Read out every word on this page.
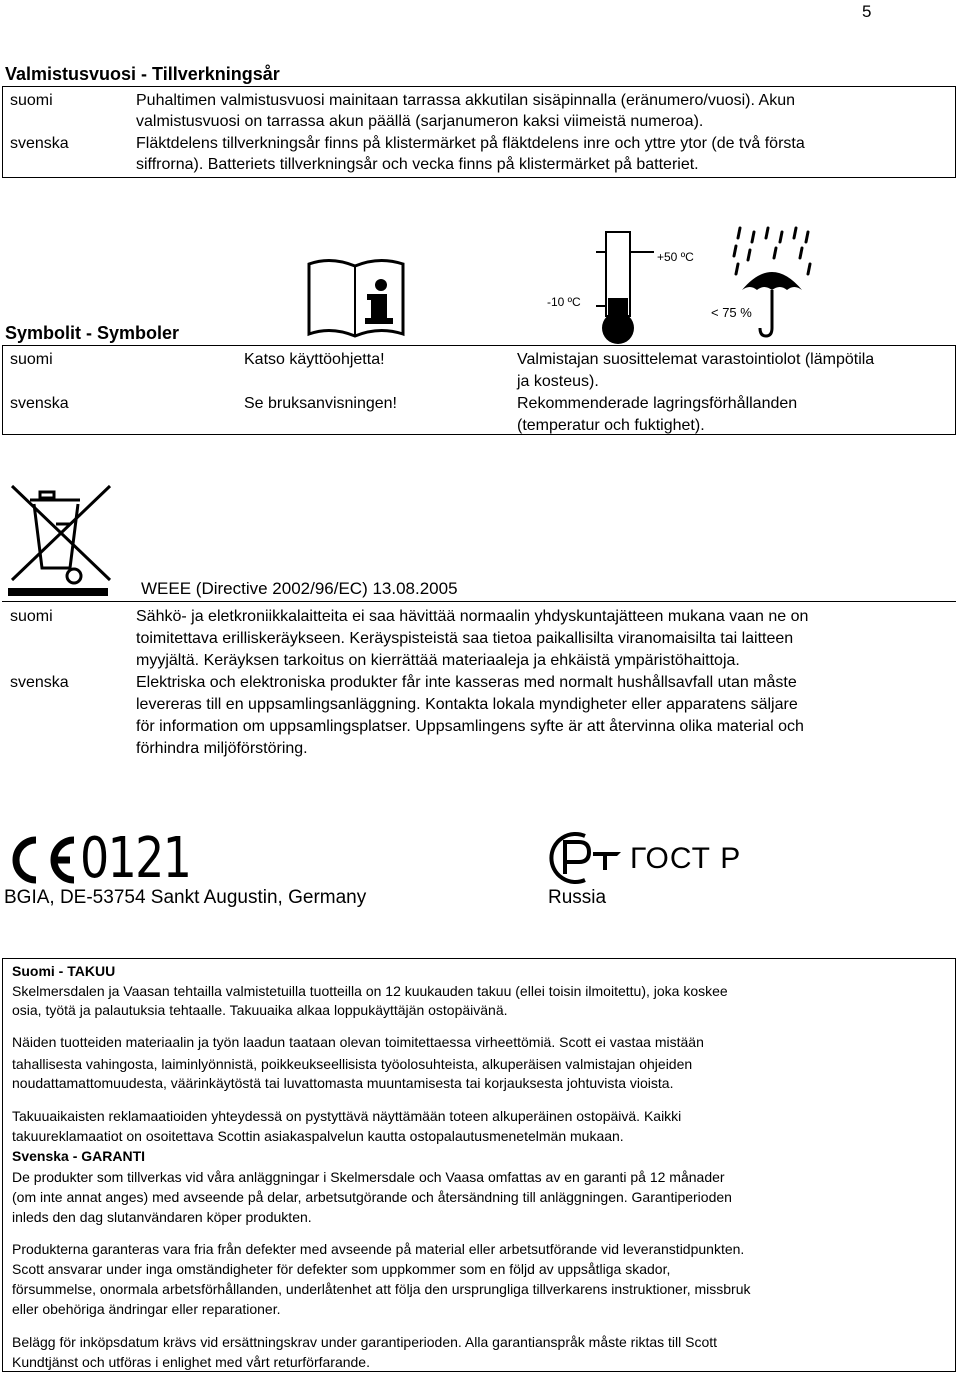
5
Valmistusvuosi - Tillverkningsår
suomi	Puhaltimen valmistusvuosi mainitaan tarrassa akkutilan sisäpinnalla (eränumero/vuosi). Akun
valmistusvuosi on tarrassa akun päällä (sarjanumeron kaksi viimeistä numeroa).
svenska	Fläktdelens tillverkningsår finns på klistermärket på fläktdelens inre och yttre ytor (de två första
siffrorna). Batteriets tillverkningsår och vecka finns på klistermärket på batteriet.
Symbolit - Symboler
+50 ºC
-10 ºC
< 75 %
suomi	Katso käyttöohjetta!	Valmistajan suosittelemat varastointiolot (lämpötila
ja kosteus).
svenska	Se bruksanvisningen!	Rekommenderade lagringsförhållanden
(temperatur och fuktighet).
WEEE (Directive 2002/96/EC) 13.08.2005
suomi	Sähkö- ja eletkroniikkalaitteita ei saa hävittää normaalin yhdyskuntajätteen mukana vaan ne on
toimitettava erilliskeräykseen. Keräyspisteistä saa tietoa paikallisilta viranomaisilta tai laitteen
myyjältä. Keräyksen tarkoitus on kierrättää materiaaleja ja ehkäistä ympäristöhaittoja.
svenska	Elektriska och elektroniska produkter får inte kasseras med normalt hushållsavfall utan måste
levereras till en uppsamlingsanläggning. Kontakta lokala myndigheter eller apparatens säljare
för information om uppsamlingsplatser. Uppsamlingens syfte är att återvinna olika material och
förhindra miljöförstöring.
0121
BGIA, DE-53754 Sankt Augustin, Germany
ГОСТ Р
Russia
Suomi - TAKUU
Skelmersdalen ja Vaasan tehtailla valmistetuilla tuotteilla on 12 kuukauden takuu (ellei toisin ilmoitettu), joka koskee
osia, työtä ja palautuksia tehtaalle. Takuuaika alkaa loppukäyttäjän ostopäivänä.
Näiden tuotteiden materiaalin ja työn laadun taataan olevan toimitettaessa virheettömiä. Scott ei vastaa mistään
tahallisesta vahingosta, laiminlyönnistä, poikkeukseellisista työolosuhteista, alkuperäisen valmistajan ohjeiden
noudattamattomuudesta, väärinkäytöstä tai luvattomasta muuntamisesta tai korjauksesta johtuvista vioista.
Takuuaikaisten reklamaatioiden yhteydessä on pystyttävä näyttämään toteen alkuperäinen ostopäivä. Kaikki
takuureklamaatiot on osoitettava Scottin asiakaspalvelun kautta ostopalautusmenetelmän mukaan.
Svenska - GARANTI
De produkter som tillverkas vid våra anläggningar i Skelmersdale och Vaasa omfattas av en garanti på 12 månader
(om inte annat anges) med avseende på delar, arbetsutgörande och återsändning till anläggningen. Garantiperioden
inleds den dag slutanvändaren köper produkten.
Produkterna garanteras vara fria från defekter med avseende på material eller arbetsutförande vid leveranstidpunkten.
Scott ansvarar under inga omständigheter för defekter som uppkommer som en följd av uppsåtliga skador,
försummelse, onormala arbetsförhållanden, underlåtenhet att följa den ursprungliga tillverkarens instruktioner, missbruk
eller obehöriga ändringar eller reparationer.
Belägg för inköpsdatum krävs vid ersättningskrav under garantiperioden. Alla garantianspråk måste riktas till Scott
Kundtjänst och utföras i enlighet med vårt returförfarande.
